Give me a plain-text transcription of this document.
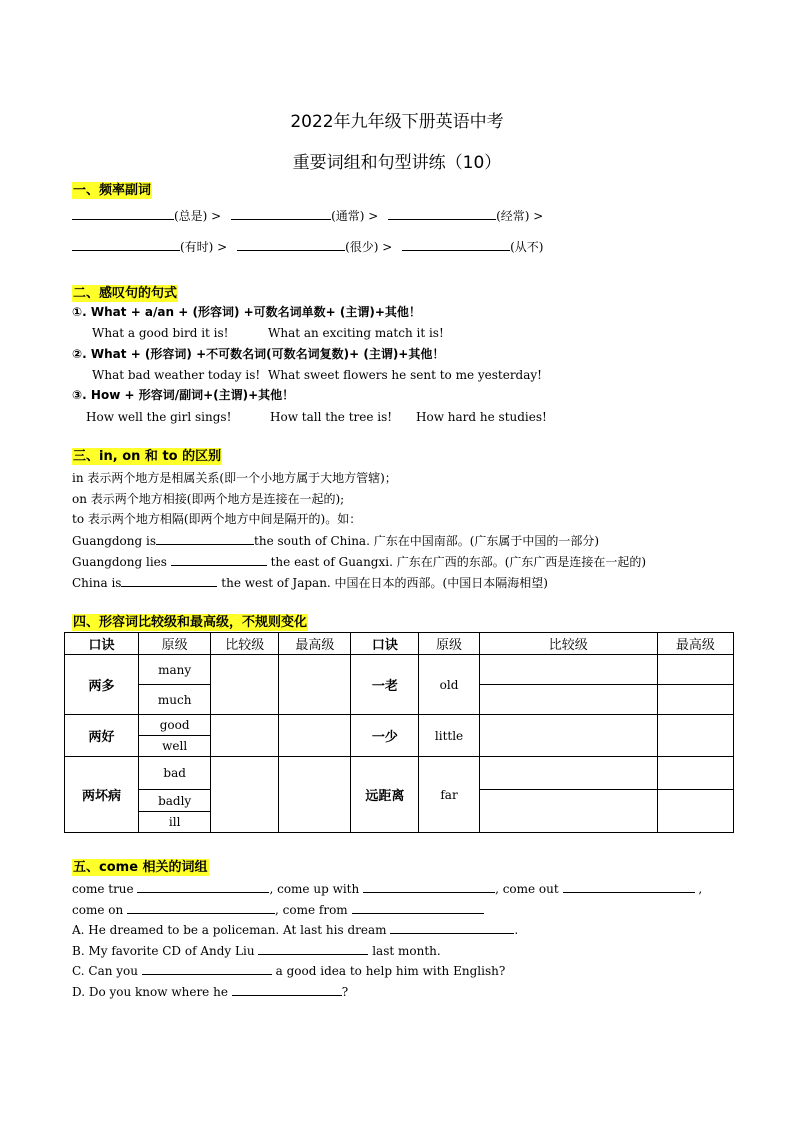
2022年九年级下册英语中考
重要词组和句型讲练（10）
一、频率副词
(总是) >	(通常) >	(经常) >
(有时) >	(很少) >	(从不)
二、感叹句的句式
①. What + a/an + (形容词) +可数名词单数+ (主谓)+其他！
What a good bird it is!	What an exciting match it is!
②. What + (形容词) +不可数名词(可数名词复数)+ (主谓)+其他！
What bad weather today is! What sweet flowers he sent to me yesterday!
③. How + 形容词/副词+(主谓)+其他！
How well the girl sings!	How tall the tree is! How hard he studies!
三、in, on 和 to 的区别
in 表示两个地方是相属关系(即一个小地方属于大地方管辖)；
on 表示两个地方相接(即两个地方是连接在一起的);
to 表示两个地方相隔(即两个地方中间是隔开的)。如：
Guangdong is	the south of China. 广东在中国南部。(广东属于中国的一部分)
Guangdong lies	the east of Guangxi. 广东在广西的东部。(广东广西是连接在一起的)
China is	the west of Japan. 中国在日本的西部。(中国日本隔海相望)
四、形容词比较级和最高级，不规则变化
口诀	原级	比较级	最高级	口诀	原级	比较级	最高级
两多	many			一老	old		
	much						
两好	good			一少	little		
	well						
两坏病	bad			远距离	far		
	badly						
	ill						
五、come 相关的词组
come true	, come up with	, come out	,
come on	, come from
A. He dreamed to be a policeman. At last his dream	.
B. My favorite CD of Andy Liu	last month.
C. Can you	a good idea to help him with English?
D. Do you know where he	?
